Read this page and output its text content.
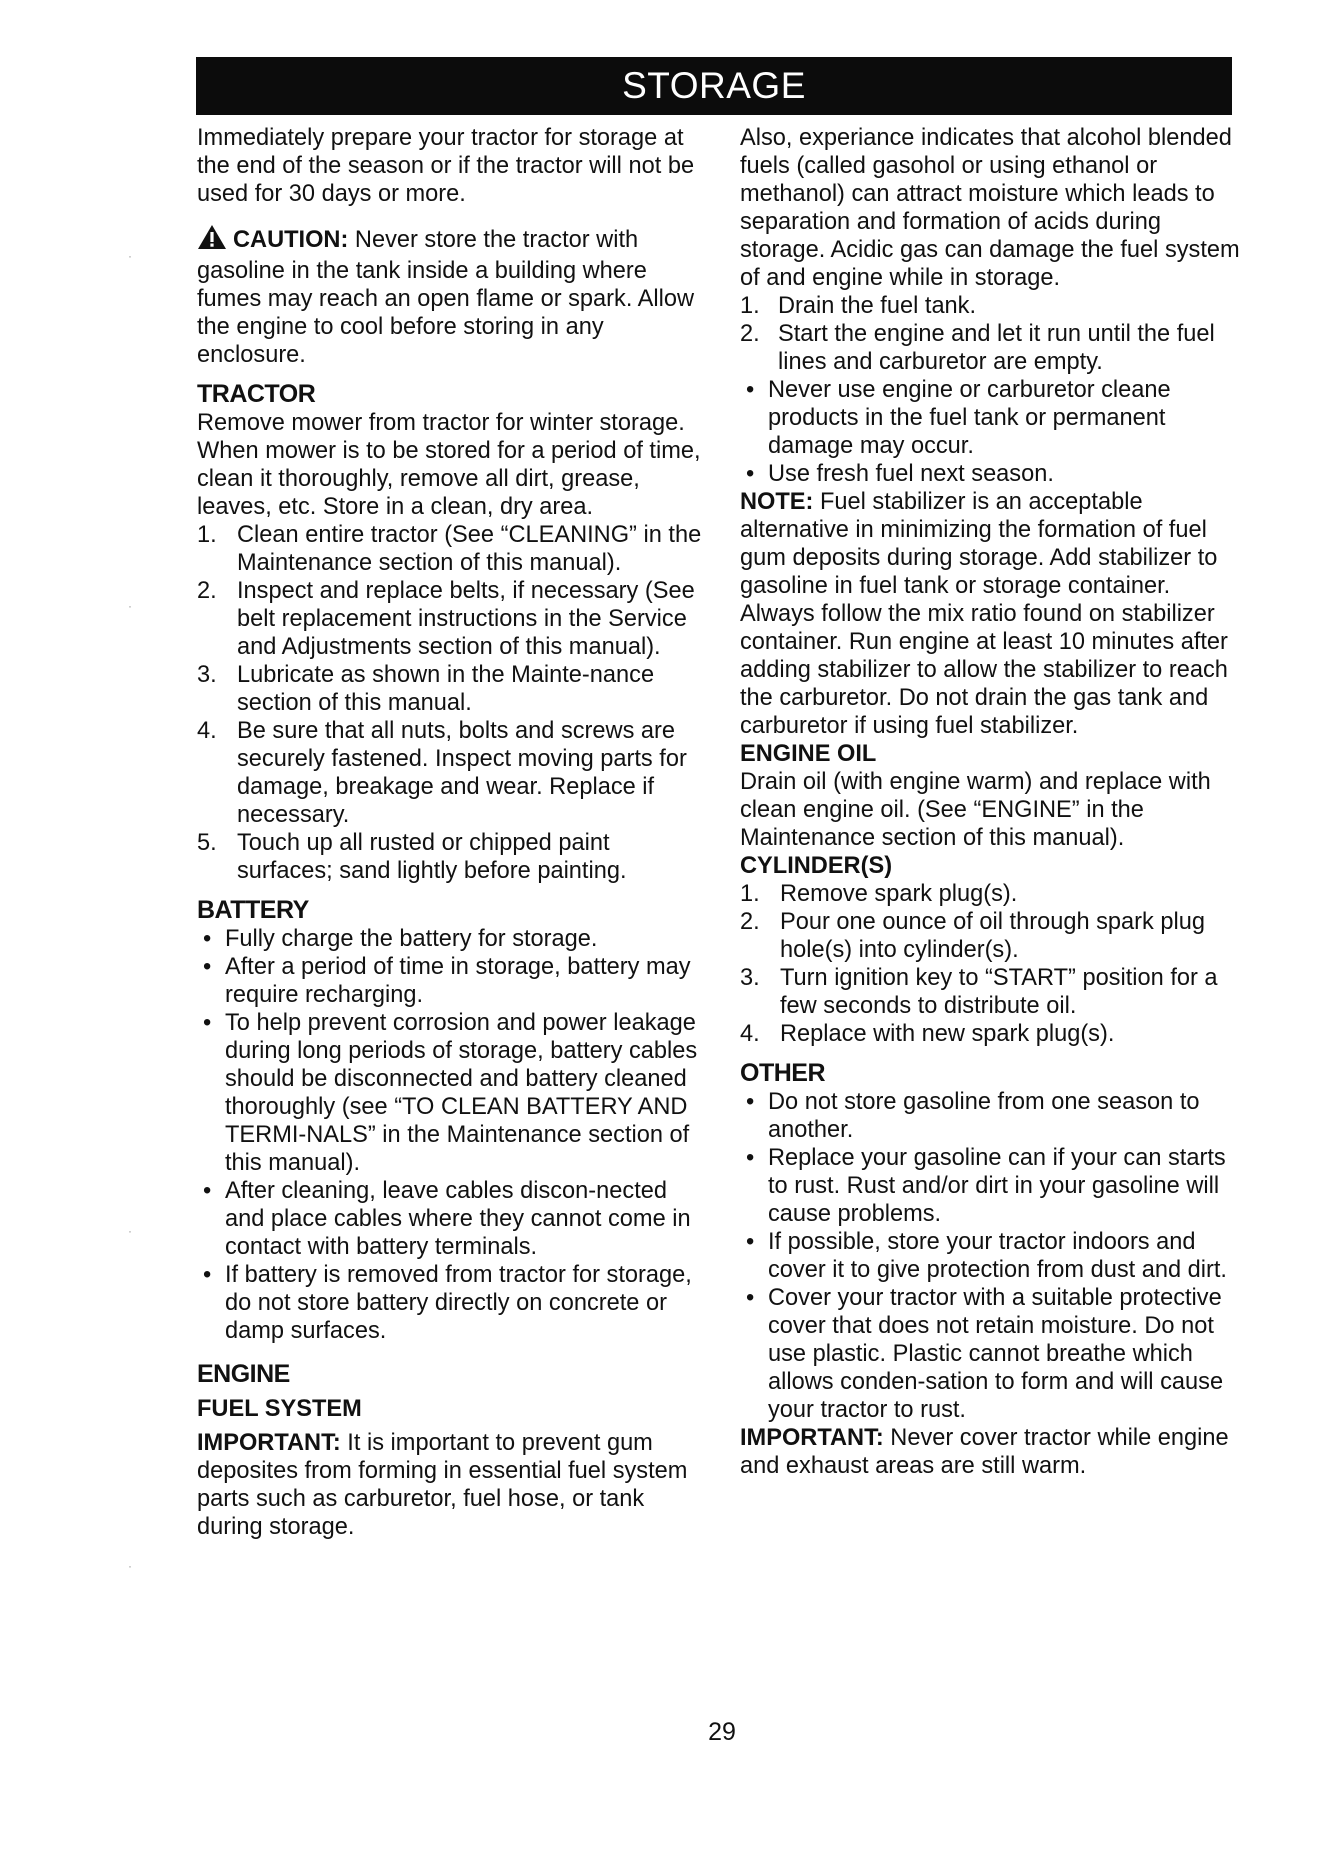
STORAGE

Immediately prepare your tractor for storage at the end of the season or if the tractor will not be used for 30 days or more.

CAUTION: Never store the tractor with gasoline in the tank inside a building where fumes may reach an open flame or spark. Allow the engine to cool before storing in any enclosure.

TRACTOR

Remove mower from tractor for winter storage. When mower is to be stored for a period of time, clean it thoroughly, remove all dirt, grease, leaves, etc. Store in a clean, dry area.

1. Clean entire tractor (See “CLEANING” in the Maintenance section of this manual).
2. Inspect and replace belts, if necessary (See belt replacement instructions in the Service and Adjustments section of this manual).
3. Lubricate as shown in the Mainte-nance section of this manual.
4. Be sure that all nuts, bolts and screws are securely fastened. Inspect moving parts for damage, breakage and wear. Replace if necessary.
5. Touch up all rusted or chipped paint surfaces; sand lightly before painting.
BATTERY
• Fully charge the battery for storage.
• After a period of time in storage, battery may require recharging.
• To help prevent corrosion and power leakage during long periods of storage, battery cables should be disconnected and battery cleaned thoroughly (see “TO CLEAN BATTERY AND TERMI-NALS” in the Maintenance section of this manual).
• After cleaning, leave cables discon-nected and place cables where they cannot come in contact with battery terminals.
• If battery is removed from tractor for storage, do not store battery directly on concrete or damp surfaces.
ENGINE
FUEL SYSTEM

IMPORTANT: It is important to prevent gum deposites from forming in essential fuel system parts such as carburetor, fuel hose, or tank during storage.

Also, experiance indicates that alcohol blended fuels (called gasohol or using ethanol or methanol) can attract moisture which leads to separation and formation of acids during storage. Acidic gas can damage the fuel system of and engine while in storage.

1. Drain the fuel tank.
2. Start the engine and let it run until the fuel lines and carburetor are empty.
• Never use engine or carburetor cleane products in the fuel tank or permanent damage may occur.
• Use fresh fuel next season.

NOTE: Fuel stabilizer is an acceptable alternative in minimizing the formation of fuel gum deposits during storage. Add stabilizer to gasoline in fuel tank or storage container. Always follow the mix ratio found on stabilizer container. Run engine at least 10 minutes after adding stabilizer to allow the stabilizer to reach the carburetor. Do not drain the gas tank and carburetor if using fuel stabilizer.

ENGINE OIL

Drain oil (with engine warm) and replace with clean engine oil. (See “ENGINE” in the Maintenance section of this manual).

CYLINDER(S)
1. Remove spark plug(s).
2. Pour one ounce of oil through spark plug hole(s) into cylinder(s).
3. Turn ignition key to “START” position for a few seconds to distribute oil.
4. Replace with new spark plug(s).
OTHER
• Do not store gasoline from one season to another.
• Replace your gasoline can if your can starts to rust. Rust and/or dirt in your gasoline will cause problems.
• If possible, store your tractor indoors and cover it to give protection from dust and dirt.
• Cover your tractor with a suitable protective cover that does not retain moisture. Do not use plastic. Plastic cannot breathe which allows conden-sation to form and will cause your tractor to rust.

IMPORTANT: Never cover tractor while engine and exhaust areas are still warm.

29
·
·
·
·
